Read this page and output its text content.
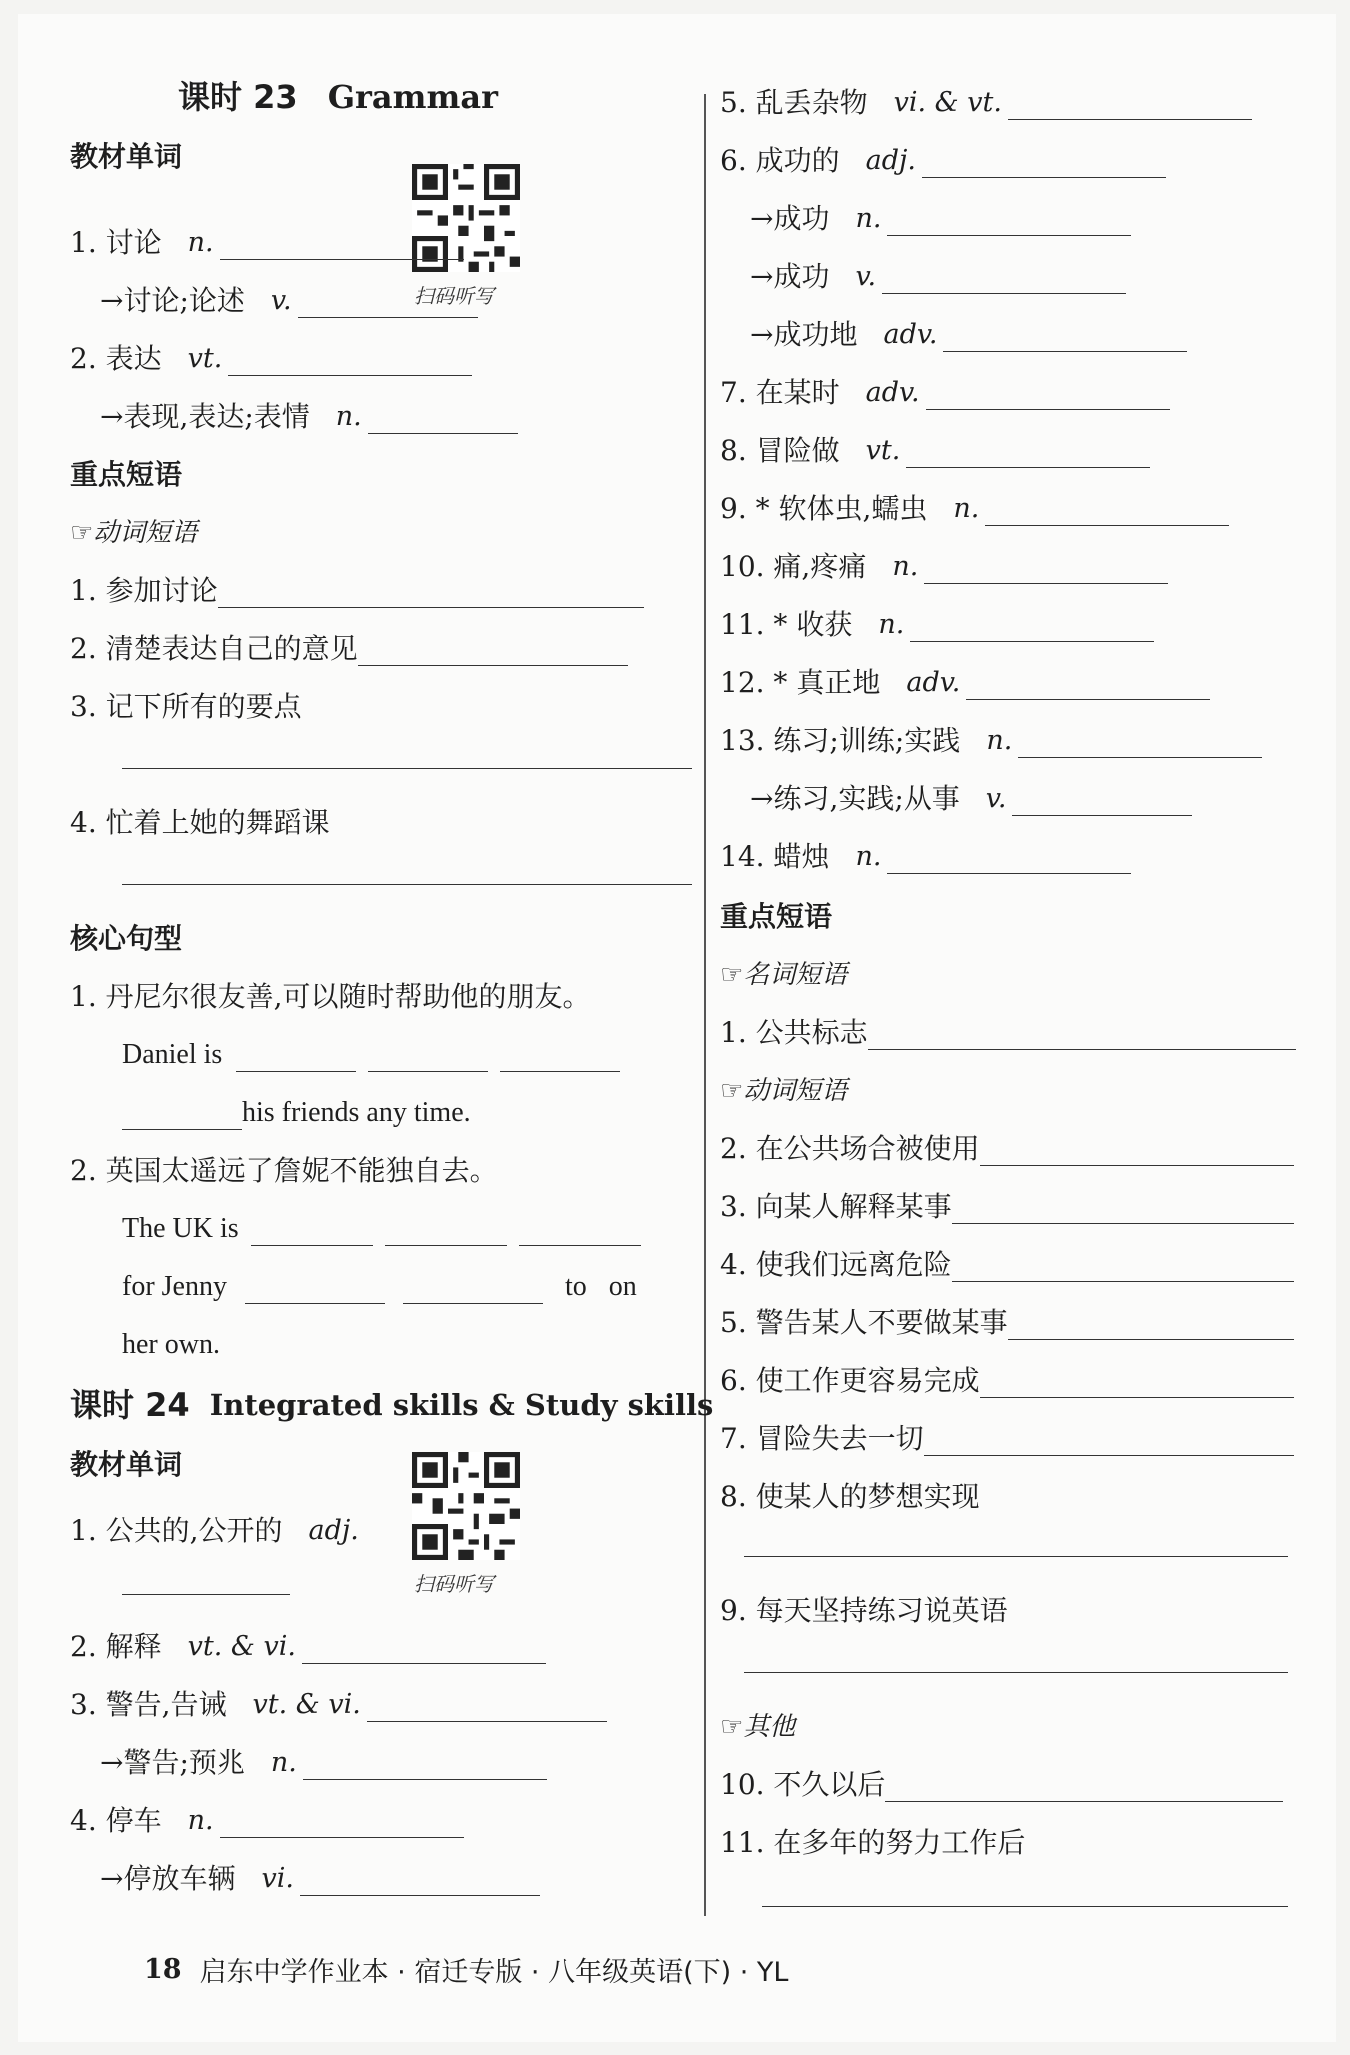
课时 23 Grammar
教材单词
扫码听写
1. 讨论 n.
→讨论;论述 v.
2. 表达 vt.
→表现,表达;表情 n.
重点短语
☞动词短语
1. 参加讨论
2. 清楚表达自己的意见
3. 记下所有的要点
4. 忙着上她的舞蹈课
核心句型
1. 丹尼尔很友善,可以随时帮助他的朋友。
Daniel is
his friends any time.
2. 英国太遥远了詹妮不能独自去。
The UK is
for Jenny	to on
her own.
课时 24 Integrated skills & Study skills
教材单词
扫码听写
1. 公共的,公开的 adj.
2. 解释 vt. & vi.
3. 警告,告诫 vt. & vi.
→警告;预兆 n.
4. 停车 n.
→停放车辆 vi.
5. 乱丢杂物 vi. & vt.
6. 成功的 adj.
→成功 n.
→成功 v.
→成功地 adv.
7. 在某时 adv.
8. 冒险做 vt.
9. * 软体虫,蠕虫 n.
10. 痛,疼痛 n.
11. * 收获 n.
12. * 真正地 adv.
13. 练习;训练;实践 n.
→练习,实践;从事 v.
14. 蜡烛 n.
重点短语
☞名词短语
1. 公共标志
☞动词短语
2. 在公共场合被使用
3. 向某人解释某事
4. 使我们远离危险
5. 警告某人不要做某事
6. 使工作更容易完成
7. 冒险失去一切
8. 使某人的梦想实现
9. 每天坚持练习说英语
☞其他
10. 不久以后
11. 在多年的努力工作后
18 启东中学作业本 · 宿迁专版 · 八年级英语(下) · YL
